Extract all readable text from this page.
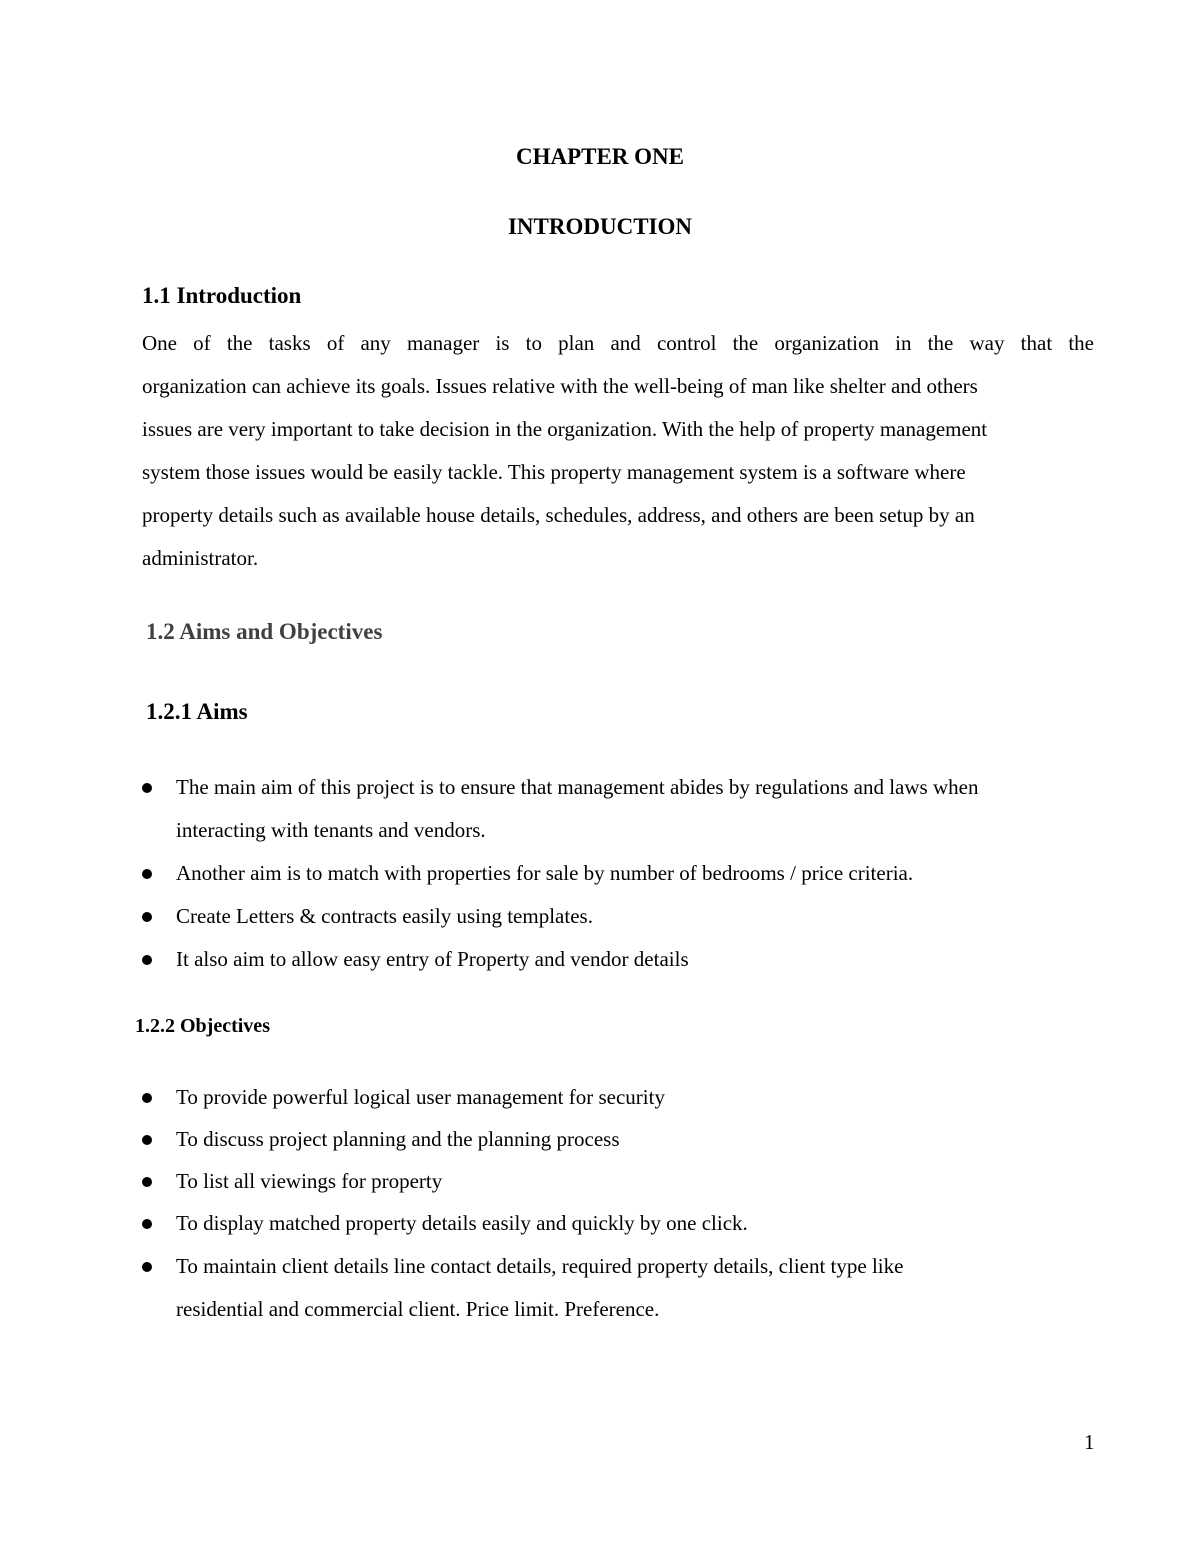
CHAPTER ONE
INTRODUCTION
1.1 Introduction
One of the tasks of any manager is to plan and control the organization in the way that the
organization can achieve its goals. Issues relative with the well-being of man like shelter and others
issues are very important to take decision in the organization. With the help of property management
system those issues would be easily tackle. This property management system is a software where
property details such as available house details, schedules, address, and others are been setup by an
administrator.
1.2 Aims and Objectives
1.2.1 Aims
The main aim of this project is to ensure that management abides by regulations and laws when
interacting with tenants and vendors.
Another aim is to match with properties for sale by number of bedrooms / price criteria.
Create Letters & contracts easily using templates.
It also aim to allow easy entry of Property and vendor details
1.2.2 Objectives
To provide powerful logical user management for security
To discuss project planning and the planning process
To list all viewings for property
To display matched property details easily and quickly by one click.
To maintain client details line contact details, required property details, client type like
residential and commercial client. Price limit. Preference.
1
